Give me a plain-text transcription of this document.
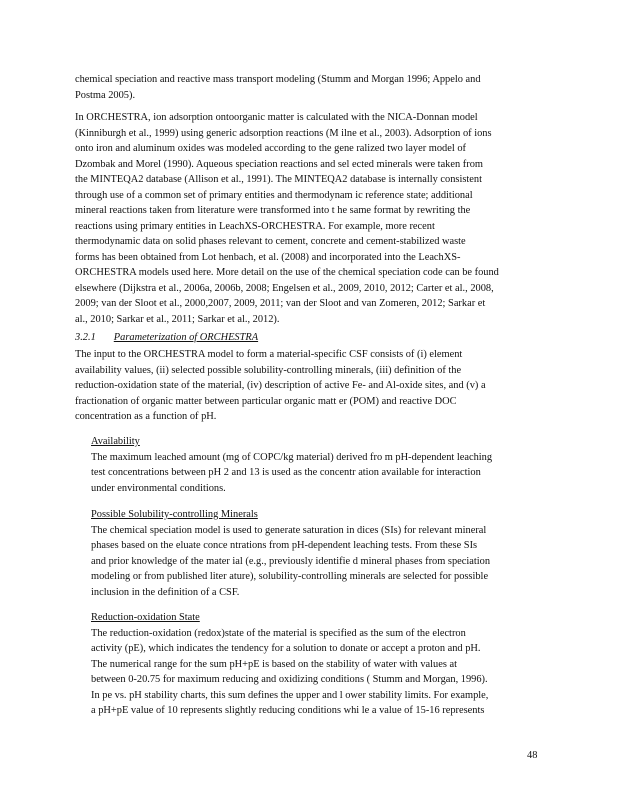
chemical speciation and reactive mass transport modeling (Stumm and Morgan 1996; Appelo and
Postma 2005).
In ORCHESTRA, ion adsorption ontoorganic matter is calculated with the NICA‐Donnan model
(Kinniburgh et al., 1999) using generic adsorption reactions (M ilne et al., 2003). Adsorption of ions
onto iron and aluminum oxides was modeled according to the gene ralized two layer model of
Dzombak and Morel (1990). Aqueous speciation reactions and sel ected minerals were taken from
the MINTEQA2 database (Allison et al., 1991). The MINTEQA2 database is internally consistent
through use of a common set of primary entities and thermodynam ic reference state; additional
mineral reactions taken from literature were transformed into t he same format by rewriting the
reactions using primary entities in LeachXS‐ORCHESTRA. For example, more recent
thermodynamic data on solid phases relevant to cement, concrete and cement‐stabilized waste
forms has been obtained from Lot henbach, et al. (2008) and incorporated into the LeachXS‐
ORCHESTRA models used here. More detail on the use of the chemical speciation code can be found
elsewhere (Dijkstra et al., 2006a, 2006b, 2008; Engelsen et al., 2009, 2010, 2012; Carter et al., 2008,
2009; van der Sloot et al., 2000,2007, 2009, 2011; van der Sloot and van Zomeren, 2012; Sarkar et
al., 2010; Sarkar et al., 2011; Sarkar et al., 2012).
3.2.1 Parameterization of ORCHESTRA
The input to the ORCHESTRA model to form a material‐specific CSF consists of (i) element
availability values, (ii) selected possible solubility‐controlling minerals, (iii) definition of the
reduction‐oxidation state of the material, (iv) description of active Fe‐ and Al‐oxide sites, and (v) a
fractionation of organic matter between particular organic matt er (POM) and reactive DOC
concentration as a function of pH.
Availability
The maximum leached amount (mg of COPC/kg material) derived fro m pH‐dependent leaching
test concentrations between pH 2 and 13 is used as the concentr ation available for interaction
under environmental conditions.
Possible Solubility‐controlling Minerals
The chemical speciation model is used to generate saturation in dices (SIs) for relevant mineral
phases based on the eluate conce ntrations from pH‐dependent leaching tests. From these SIs
and prior knowledge of the mater ial (e.g., previously identifie d mineral phases from speciation
modeling or from published liter ature), solubility‐controlling minerals are selected for possible
inclusion in the definition of a CSF.
Reduction‐oxidation State
The reduction‐oxidation (redox)state of the material is specified as the sum of the electron
activity (pE), which indicates the tendency for a solution to donate or accept a proton and pH.
The numerical range for the sum pH+pE is based on the stability of water with values at
between 0‐20.75 for maximum reducing and oxidizing conditions ( Stumm and Morgan, 1996).
In pe vs. pH stability charts, this sum defines the upper and l ower stability limits. For example,
a pH+pE value of 10 represents slightly reducing conditions whi le a value of 15‐16 represents
48
